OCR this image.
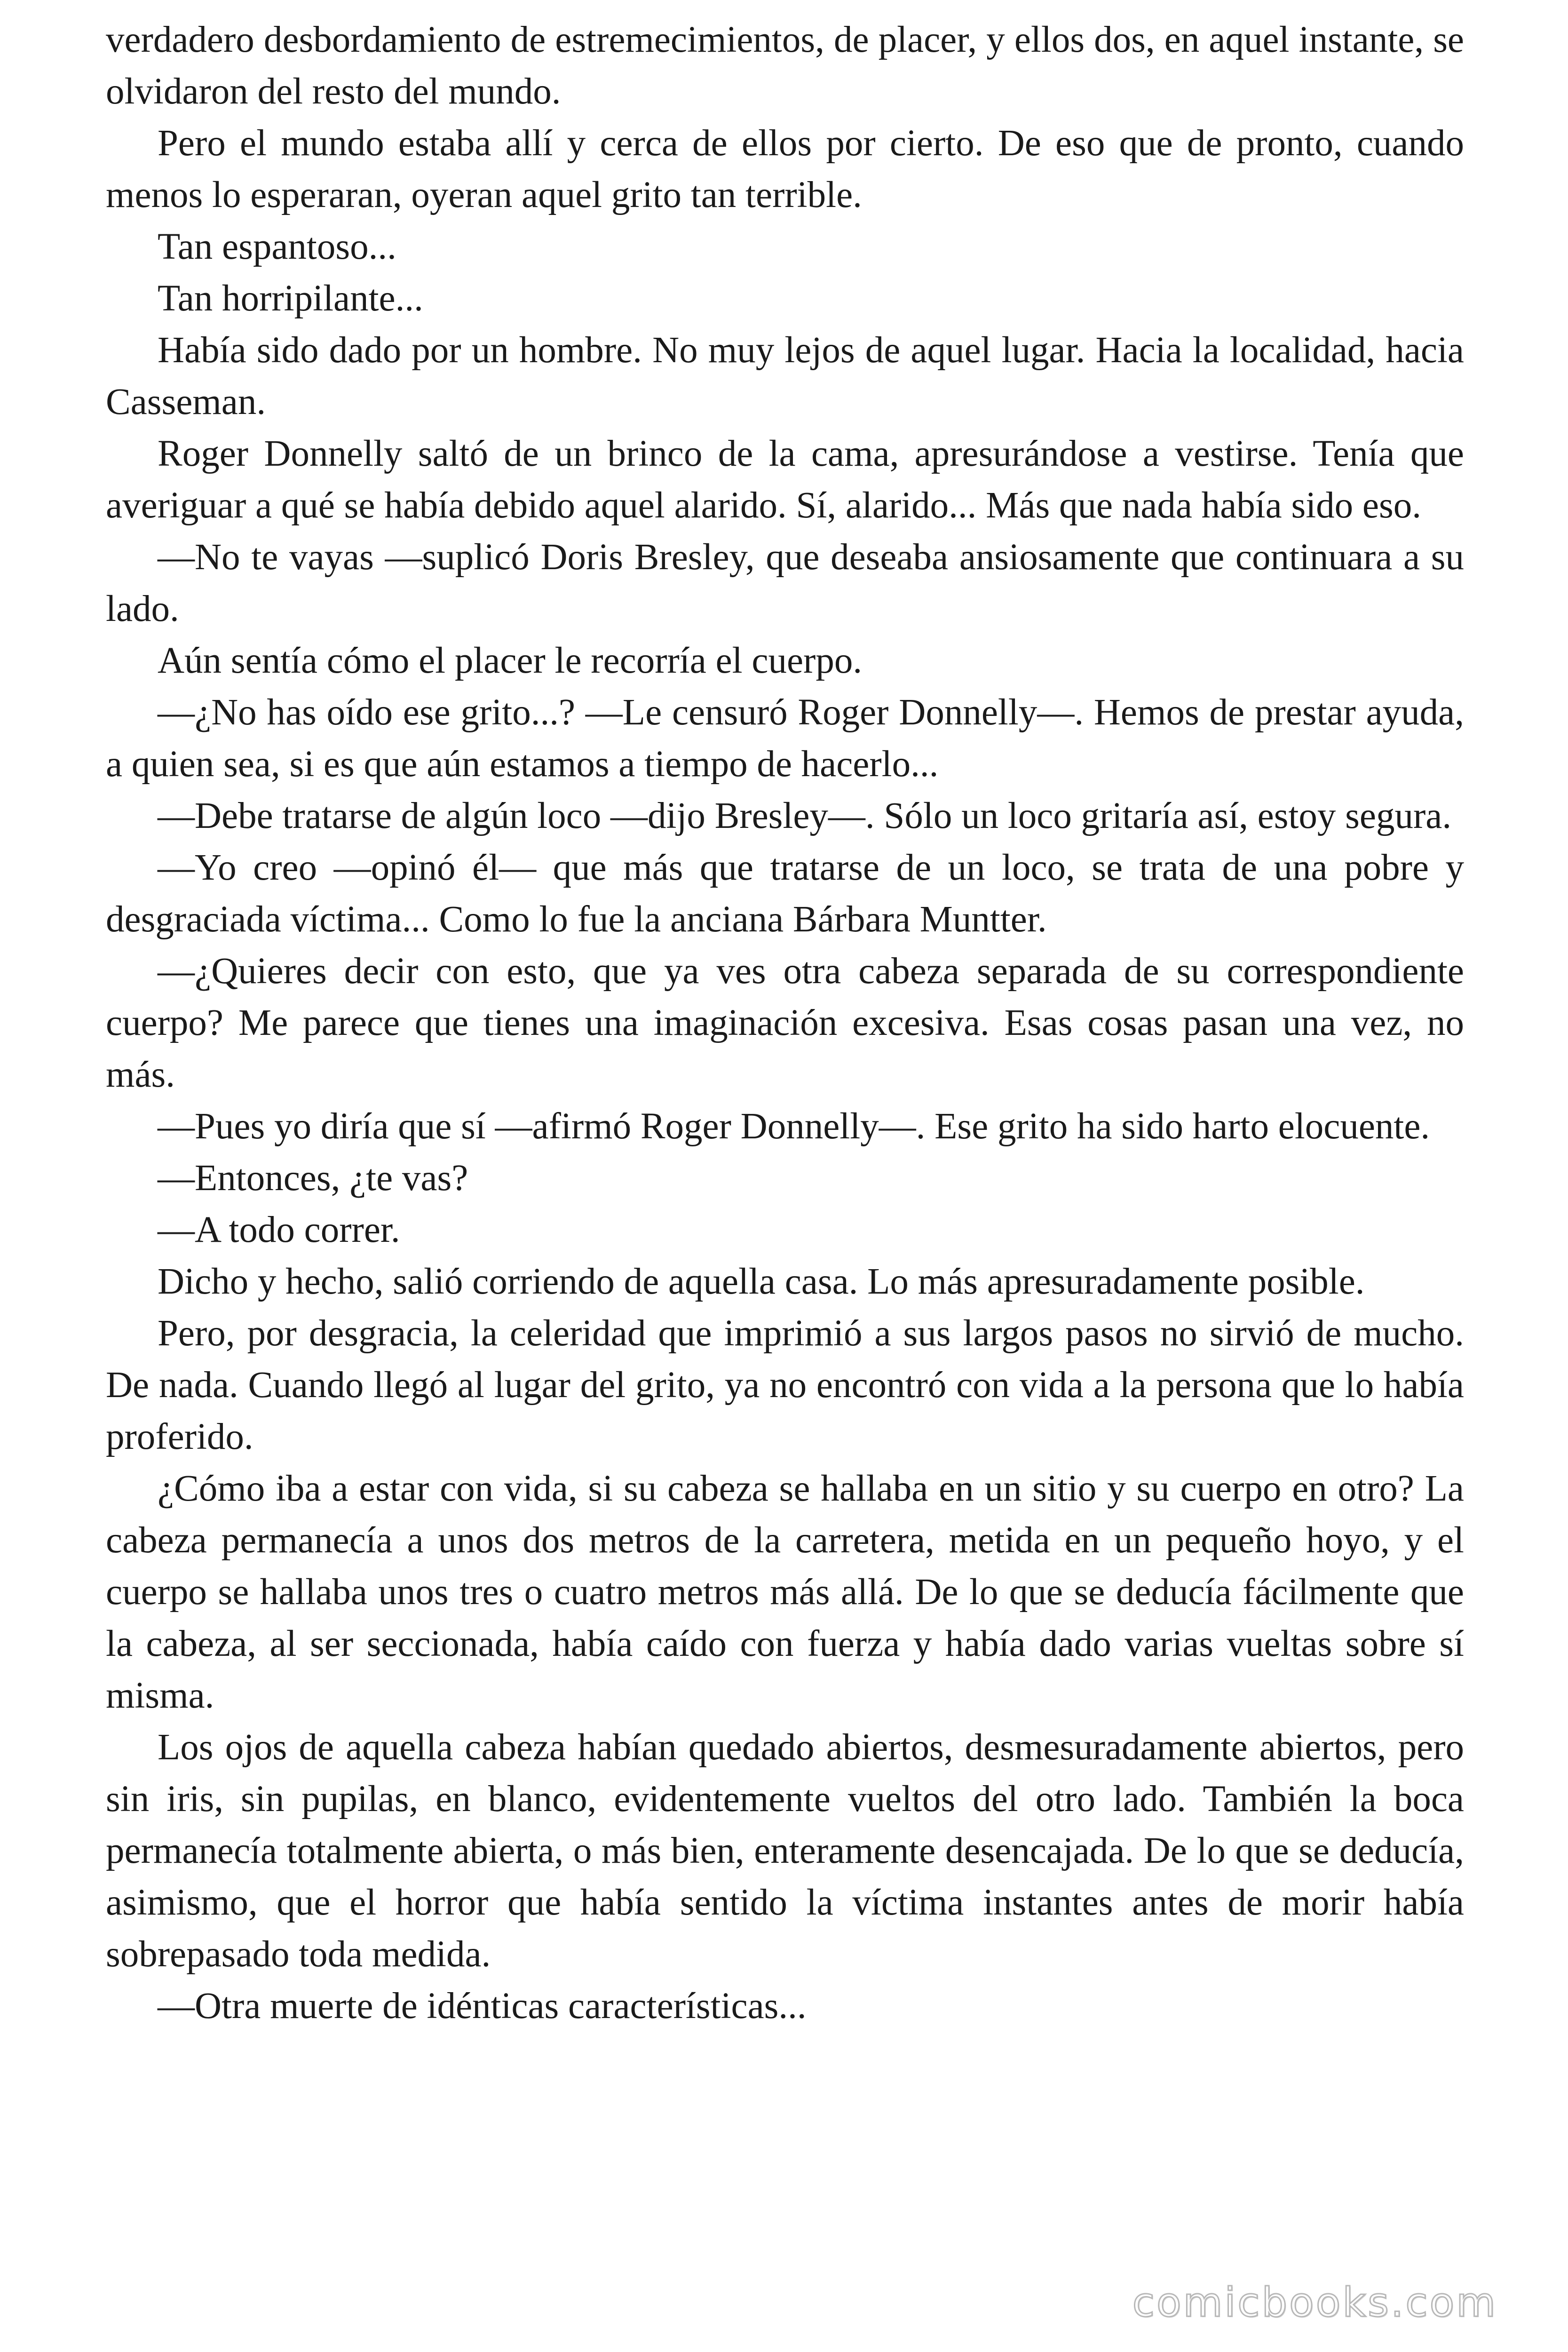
verdadero desbordamiento de estremecimientos, de placer, y ellos dos, en aquel instante, se olvidaron del resto del mundo.

Pero el mundo estaba allí y cerca de ellos por cierto. De eso que de pronto, cuando menos lo esperaran, oyeran aquel grito tan terrible.

Tan espantoso...

Tan horripilante...

Había sido dado por un hombre. No muy lejos de aquel lugar. Hacia la localidad, hacia Casseman.

Roger Donnelly saltó de un brinco de la cama, apresurándose a vestirse. Tenía que averiguar a qué se había debido aquel alarido. Sí, alarido... Más que nada había sido eso.

—No te vayas —suplicó Doris Bresley, que deseaba ansiosamente que continuara a su lado.

Aún sentía cómo el placer le recorría el cuerpo.

—¿No has oído ese grito...? —Le censuró Roger Donnelly—. Hemos de prestar ayuda, a quien sea, si es que aún estamos a tiempo de hacerlo...

—Debe tratarse de algún loco —dijo Bresley—. Sólo un loco gritaría así, estoy segura.

—Yo creo —opinó él— que más que tratarse de un loco, se trata de una pobre y desgraciada víctima... Como lo fue la anciana Bárbara Muntter.

—¿Quieres decir con esto, que ya ves otra cabeza separada de su correspondiente cuerpo? Me parece que tienes una imaginación excesiva. Esas cosas pasan una vez, no más.

—Pues yo diría que sí —afirmó Roger Donnelly—. Ese grito ha sido harto elocuente.

—Entonces, ¿te vas?

—A todo correr.

Dicho y hecho, salió corriendo de aquella casa. Lo más apresuradamente posible.

Pero, por desgracia, la celeridad que imprimió a sus largos pasos no sirvió de mucho. De nada. Cuando llegó al lugar del grito, ya no encontró con vida a la persona que lo había proferido.

¿Cómo iba a estar con vida, si su cabeza se hallaba en un sitio y su cuerpo en otro? La cabeza permanecía a unos dos metros de la carretera, metida en un pequeño hoyo, y el cuerpo se hallaba unos tres o cuatro metros más allá. De lo que se deducía fácilmente que la cabeza, al ser seccionada, había caído con fuerza y había dado varias vueltas sobre sí misma.

Los ojos de aquella cabeza habían quedado abiertos, desmesuradamente abiertos, pero sin iris, sin pupilas, en blanco, evidentemente vueltos del otro lado. También la boca permanecía totalmente abierta, o más bien, enteramente desencajada. De lo que se deducía, asimismo, que el horror que había sentido la víctima instantes antes de morir había sobrepasado toda medida.

—Otra muerte de idénticas características...

comicbooks.com
